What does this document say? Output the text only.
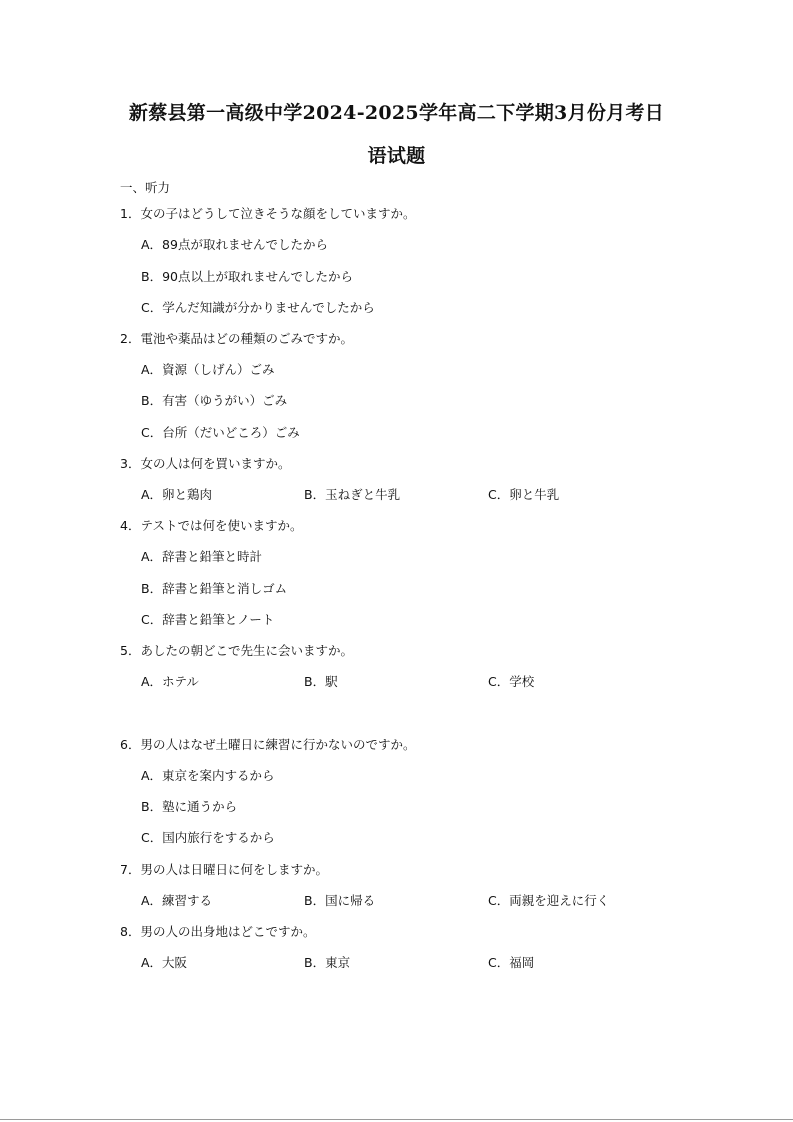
新蔡县第一高级中学2024-2025学年高二下学期3月份月考日
语试题
一、听力
1．女の子はどうして泣きそうな顔をしていますか。
A．89点が取れませんでしたから
B．90点以上が取れませんでしたから
C．学んだ知識が分かりませんでしたから
2．電池や薬品はどの種類のごみですか。
A．資源（しげん）ごみ
B．有害（ゆうがい）ごみ
C．台所（だいどころ）ごみ
3．女の人は何を買いますか。
A．卵と鶏肉	B．玉ねぎと牛乳	C．卵と牛乳
4．テストでは何を使いますか。
A．辞書と鉛筆と時計
B．辞書と鉛筆と消しゴム
C．辞書と鉛筆とノート
5．あしたの朝どこで先生に会いますか。
A．ホテル	B．駅	C．学校
6．男の人はなぜ土曜日に練習に行かないのですか。
A．東京を案内するから
B．塾に通うから
C．国内旅行をするから
7．男の人は日曜日に何をしますか。
A．練習する	B．国に帰る	C．両親を迎えに行く
8．男の人の出身地はどこですか。
A．大阪	B．東京	C．福岡
